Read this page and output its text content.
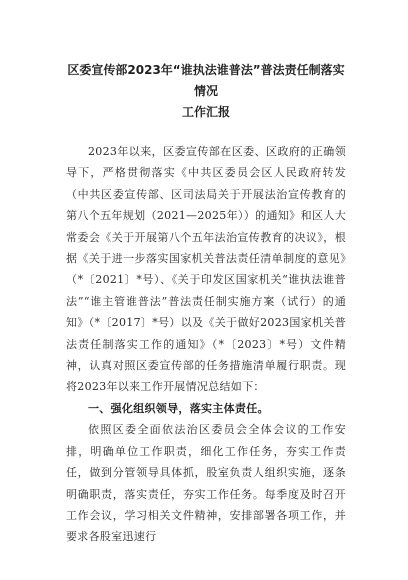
区委宣传部2023年“谁执法谁普法”普法责任制落实情况
工作汇报

2023年以来，区委宣传部在区委、区政府的正确领导下，严格贯彻落实《中共区委员会区人民政府转发（中共区委宣传部、区司法局关于开展法治宣传教育的第八个五年规划（2021—2025年））的通知》和区人大常委会《关于开展第八个五年法治宣传教育的决议》，根据《关于进一步落实国家机关普法责任清单制度的意见》（*〔2021〕*号）、《关于印发区国家机关“谁执法谁普法”“谁主管谁普法”普法责任制实施方案（试行）的通知》（*〔2017〕*号）以及《关于做好2023国家机关普法责任制落实工作的通知》（*〔2023〕*号）文件精神，认真对照区委宣传部的任务措施清单履行职责。现将2023年以来工作开展情况总结如下：

一、强化组织领导，落实主体责任。

依照区委全面依法治区委员会全体会议的工作安排，明确单位工作职责，细化工作任务，夯实工作责任，做到分管领导具体抓，股室负责人组织实施，逐条明确职责，落实责任，夯实工作任务。每季度及时召开工作会议，学习相关文件精神，安排部署各项工作，并要求各股室迅速行
